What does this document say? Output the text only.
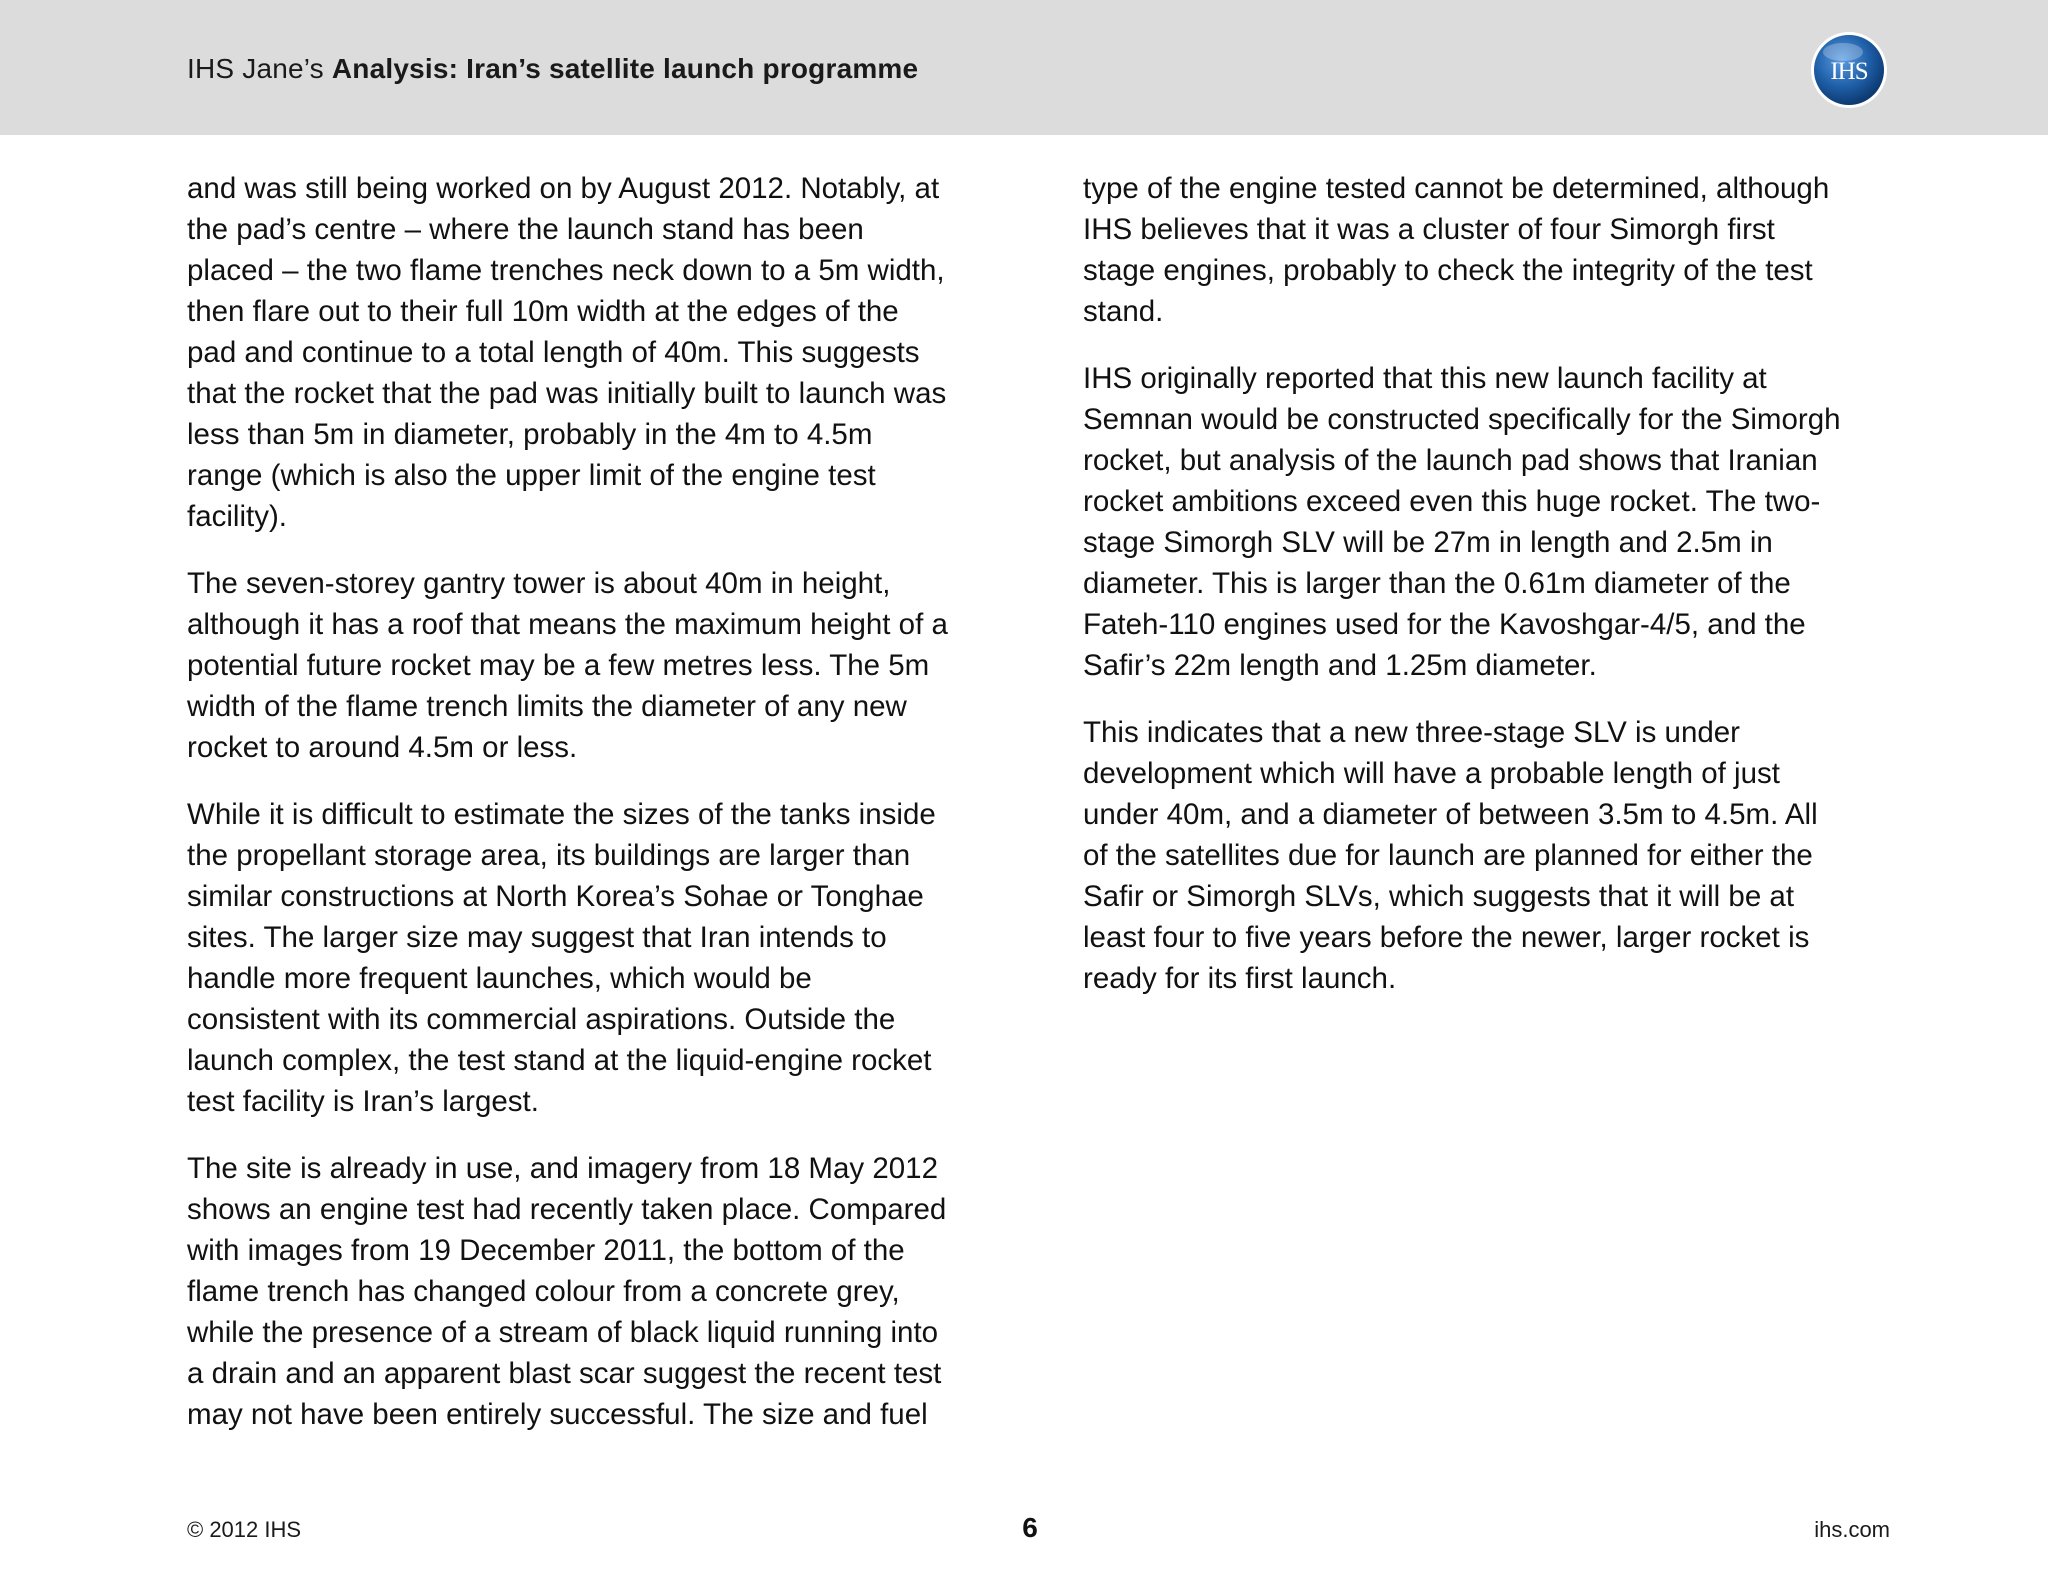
IHS Jane’s Analysis: Iran’s satellite launch programme	IHS

and was still being worked on by August 2012. Notably, at
the pad’s centre – where the launch stand has been
placed – the two flame trenches neck down to a 5m width,
then flare out to their full 10m width at the edges of the
pad and continue to a total length of 40m. This suggests
that the rocket that the pad was initially built to launch was
less than 5m in diameter, probably in the 4m to 4.5m
range (which is also the upper limit of the engine test
facility).

The seven-storey gantry tower is about 40m in height,
although it has a roof that means the maximum height of a
potential future rocket may be a few metres less. The 5m
width of the flame trench limits the diameter of any new
rocket to around 4.5m or less.

While it is difficult to estimate the sizes of the tanks inside
the propellant storage area, its buildings are larger than
similar constructions at North Korea’s Sohae or Tonghae
sites. The larger size may suggest that Iran intends to
handle more frequent launches, which would be
consistent with its commercial aspirations. Outside the
launch complex, the test stand at the liquid-engine rocket
test facility is Iran’s largest.

The site is already in use, and imagery from 18 May 2012
shows an engine test had recently taken place. Compared
with images from 19 December 2011, the bottom of the
flame trench has changed colour from a concrete grey,
while the presence of a stream of black liquid running into
a drain and an apparent blast scar suggest the recent test
may not have been entirely successful. The size and fuel

type of the engine tested cannot be determined, although
IHS believes that it was a cluster of four Simorgh first
stage engines, probably to check the integrity of the test
stand.

IHS originally reported that this new launch facility at
Semnan would be constructed specifically for the Simorgh
rocket, but analysis of the launch pad shows that Iranian
rocket ambitions exceed even this huge rocket. The two-
stage Simorgh SLV will be 27m in length and 2.5m in
diameter. This is larger than the 0.61m diameter of the
Fateh-110 engines used for the Kavoshgar-4/5, and the
Safir’s 22m length and 1.25m diameter.

This indicates that a new three-stage SLV is under
development which will have a probable length of just
under 40m, and a diameter of between 3.5m to 4.5m. All
of the satellites due for launch are planned for either the
Safir or Simorgh SLVs, which suggests that it will be at
least four to five years before the newer, larger rocket is
ready for its first launch.

© 2012 IHS	6	ihs.com
